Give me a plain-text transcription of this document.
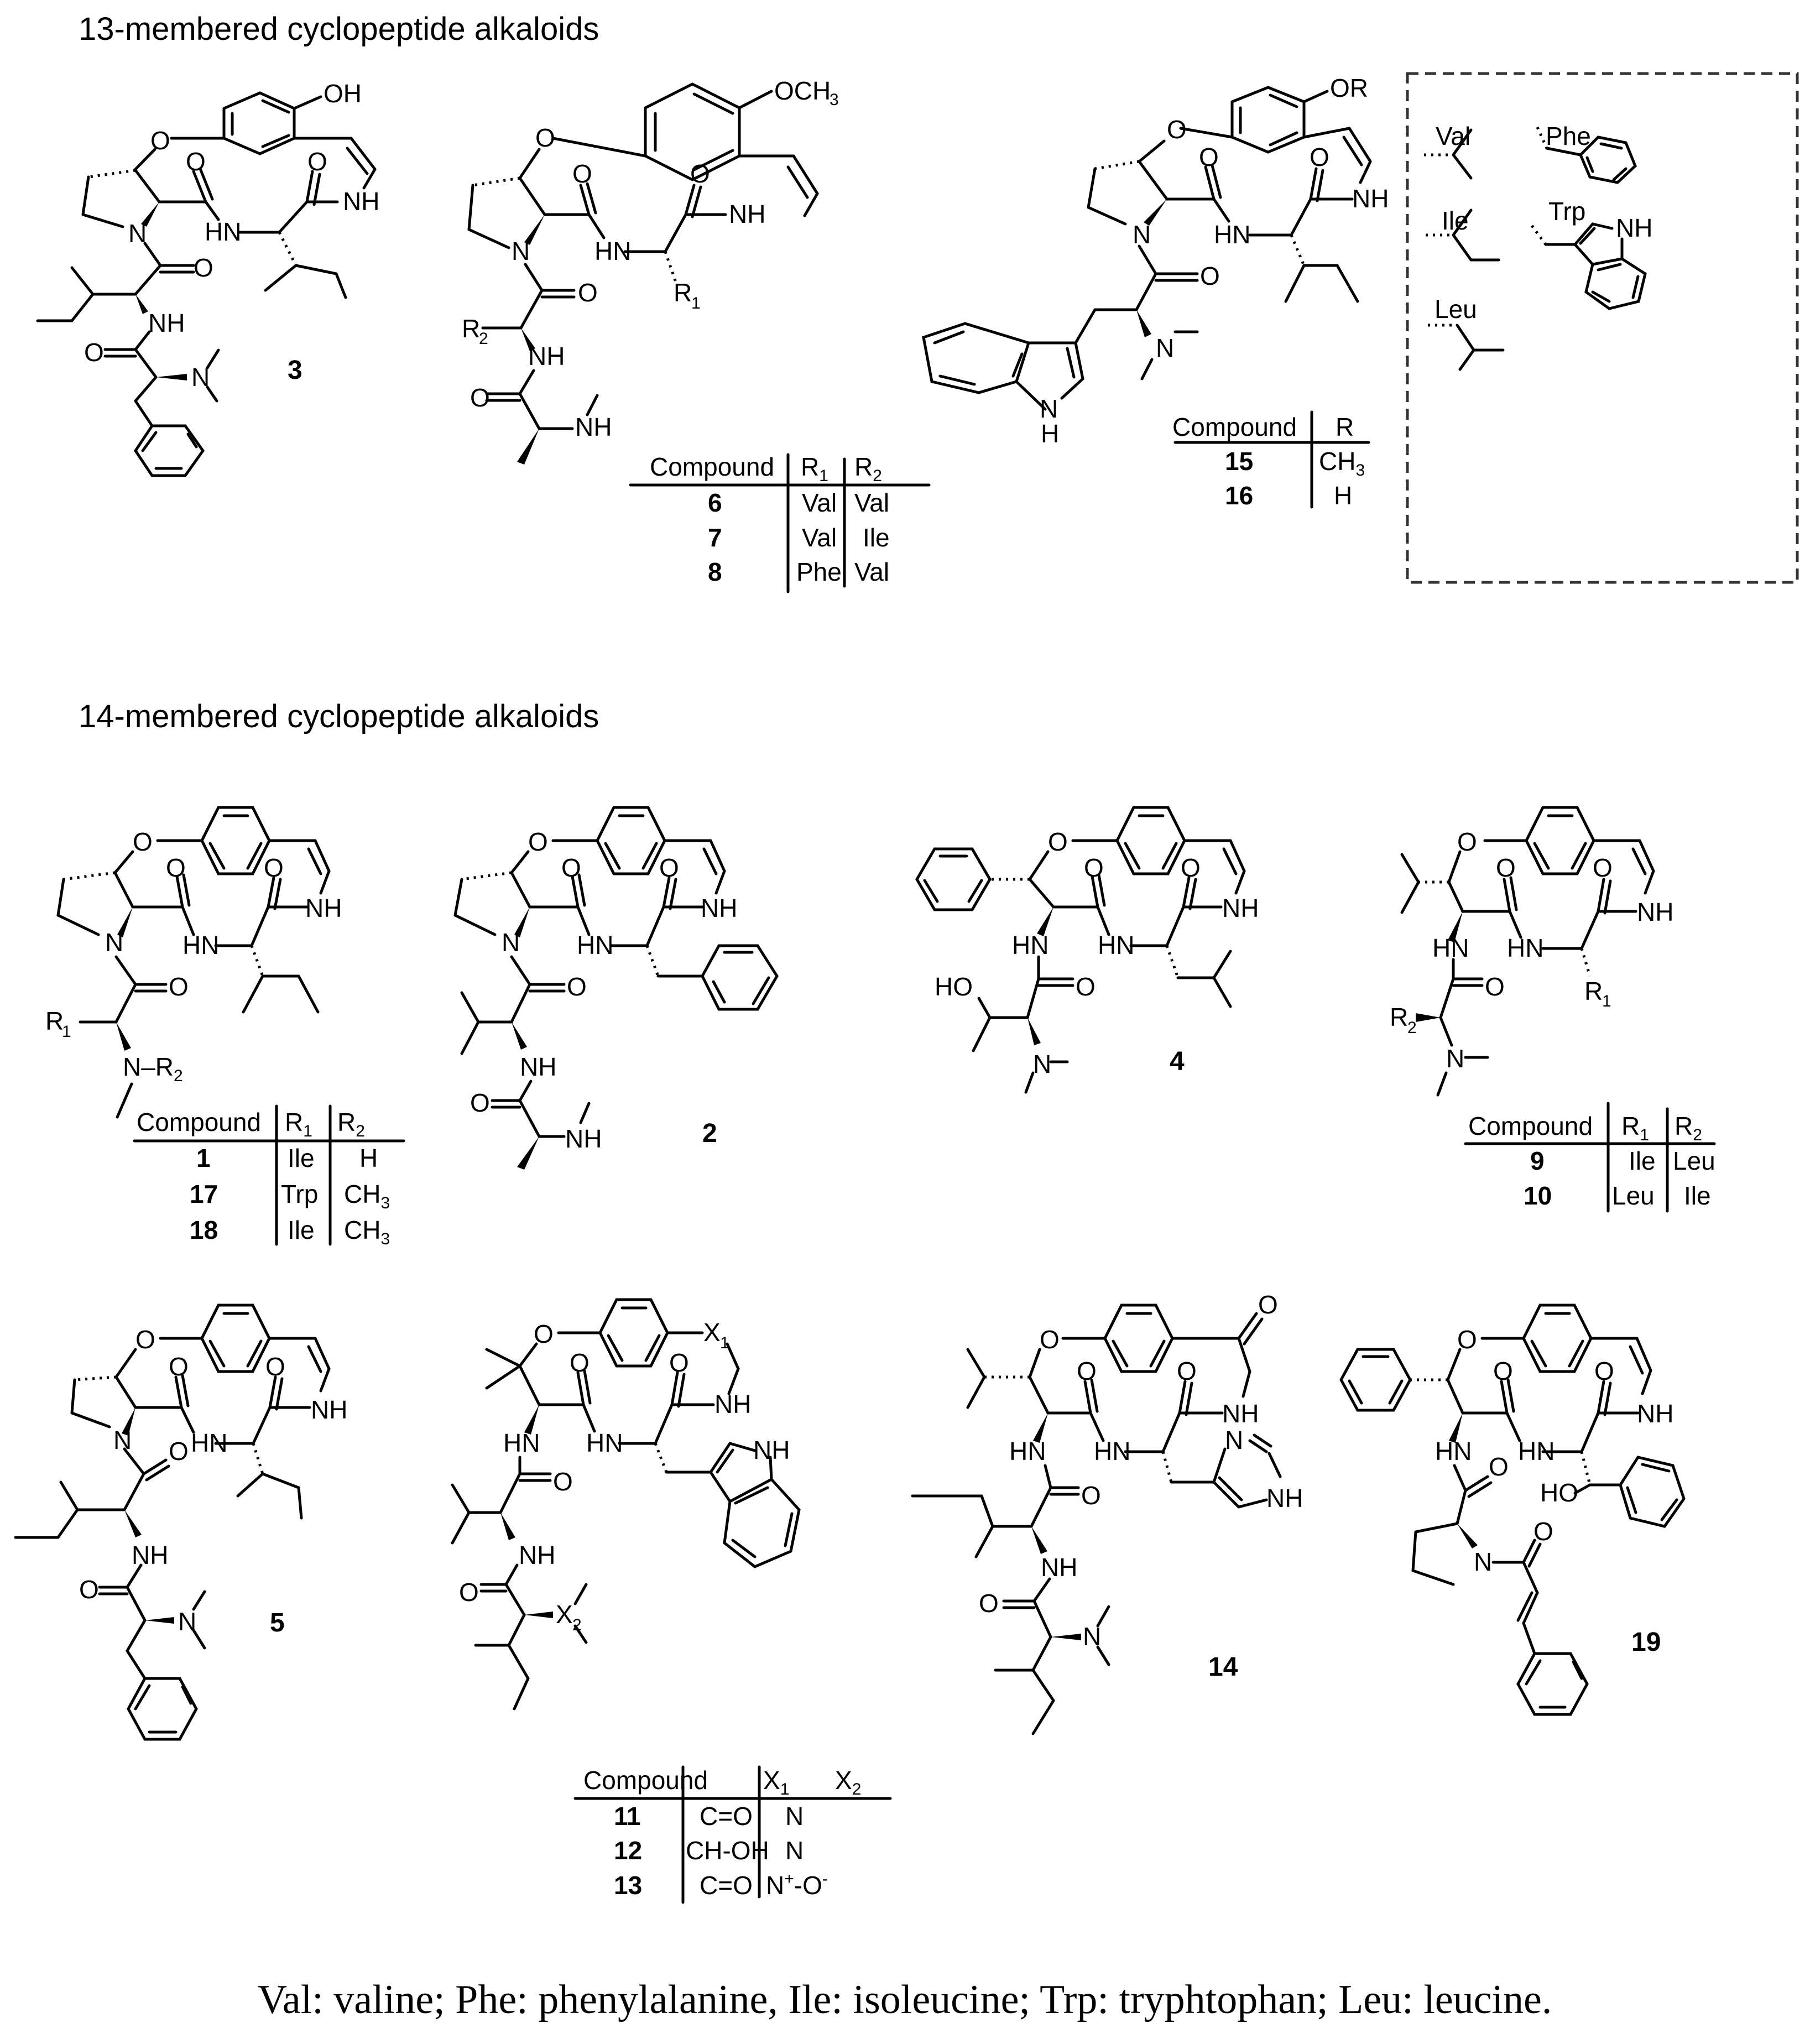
13-membered cyclopeptide alkaloids
14-membered cyclopeptide alkaloids
OH
O
O	O
NH
HN
N
O
NH
O
N	3
OCH
3
O
O	O
NH
HN
N
O	R
1
R
2
NH
O
NH
Compound $R_1$ $R_2$
6	Val Val
7	Val Ile
8	Phe Val
OR
O
O	O
NH
HN
N
O
N
N
H	Compound R
15	$CH_3$
16	H
Val
Ile
Leu
Phe
Trp
NH
O
O	O
NH
HN
N
O
R
1
$N-R_2$
Compound $R_1$ $R_2$
1	Ile H
17 Trp $CH_3$
18	Ile $CH_3$
O
O	O
NH
HN
N
O
NH
O
NH	2
O
O	O
NH
HN
HN
O
HO
N	4
O
O	O
NH
HN
HN
O	R
1
R
2
N
Compound $R_1$ $R_2$
9	Ile Leu
10 Leu Ile
O
O	O
NH
HN
N O
NH
O
N	5
O	X 1
O	O
NH
HN
HN	NH
O
NH
O
X 2
Compound $X_1$ $X_2$
11 C=O N
12 CH-OH N
13 C=O N+-O-
O
O
O	O
NH
HN
HN	N
NH
O
NH
O
N
14
O
O	O
NH
HN
HN
O
HO
O
N
19
Val: valine; Phe: phenylalanine, Ile: isoleucine; Trp: tryphtophan; Leu: leucine.
